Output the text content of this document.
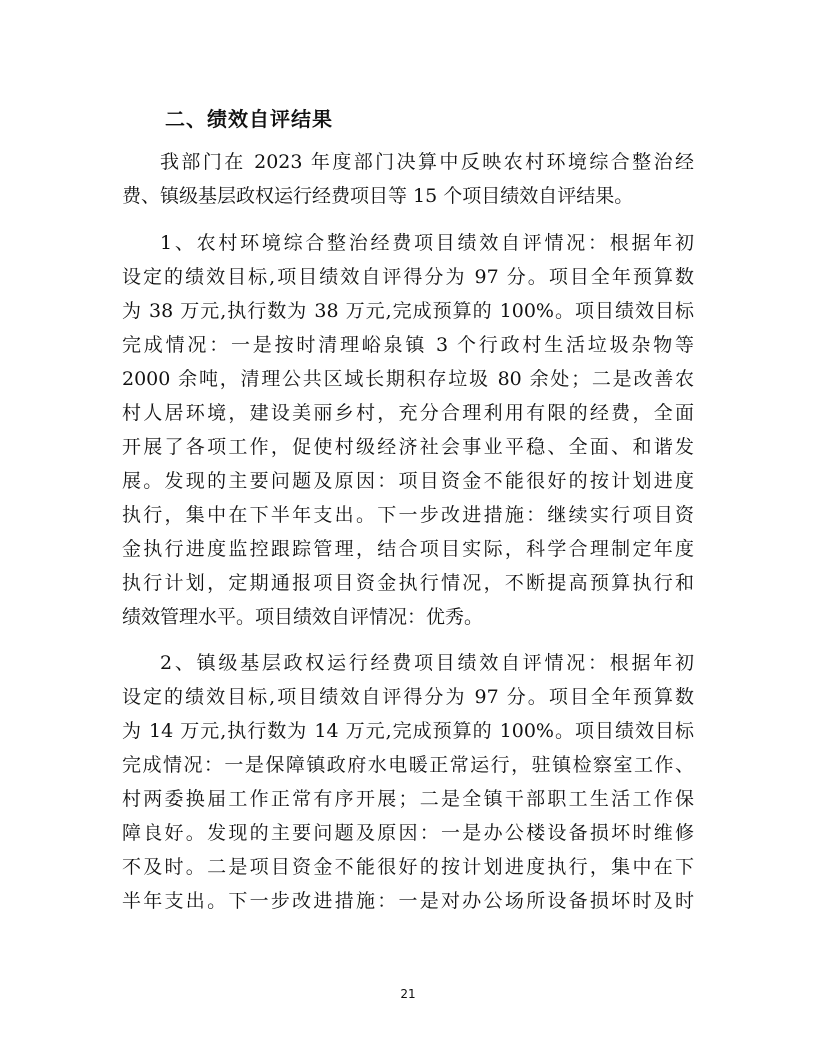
二、绩效自评结果
我部门在 2023 年度部门决算中反映农村环境综合整治经
费、镇级基层政权运行经费项目等 15 个项目绩效自评结果。
1、农村环境综合整治经费项目绩效自评情况：根据年初
设定的绩效目标,项目绩效自评得分为 97 分。项目全年预算数
为 38 万元,执行数为 38 万元,完成预算的 100%。项目绩效目标
完成情况：一是按时清理峪泉镇 3 个行政村生活垃圾杂物等
2000 余吨，清理公共区域长期积存垃圾 80 余处；二是改善农
村人居环境，建设美丽乡村，充分合理利用有限的经费，全面
开展了各项工作，促使村级经济社会事业平稳、全面、和谐发
展。发现的主要问题及原因：项目资金不能很好的按计划进度
执行，集中在下半年支出。下一步改进措施：继续实行项目资
金执行进度监控跟踪管理，结合项目实际，科学合理制定年度
执行计划，定期通报项目资金执行情况，不断提高预算执行和
绩效管理水平。项目绩效自评情况：优秀。
2、镇级基层政权运行经费项目绩效自评情况：根据年初
设定的绩效目标,项目绩效自评得分为 97 分。项目全年预算数
为 14 万元,执行数为 14 万元,完成预算的 100%。项目绩效目标
完成情况：一是保障镇政府水电暖正常运行，驻镇检察室工作、
村两委换届工作正常有序开展；二是全镇干部职工生活工作保
障良好。发现的主要问题及原因：一是办公楼设备损坏时维修
不及时。二是项目资金不能很好的按计划进度执行，集中在下
半年支出。下一步改进措施：一是对办公场所设备损坏时及时
21
